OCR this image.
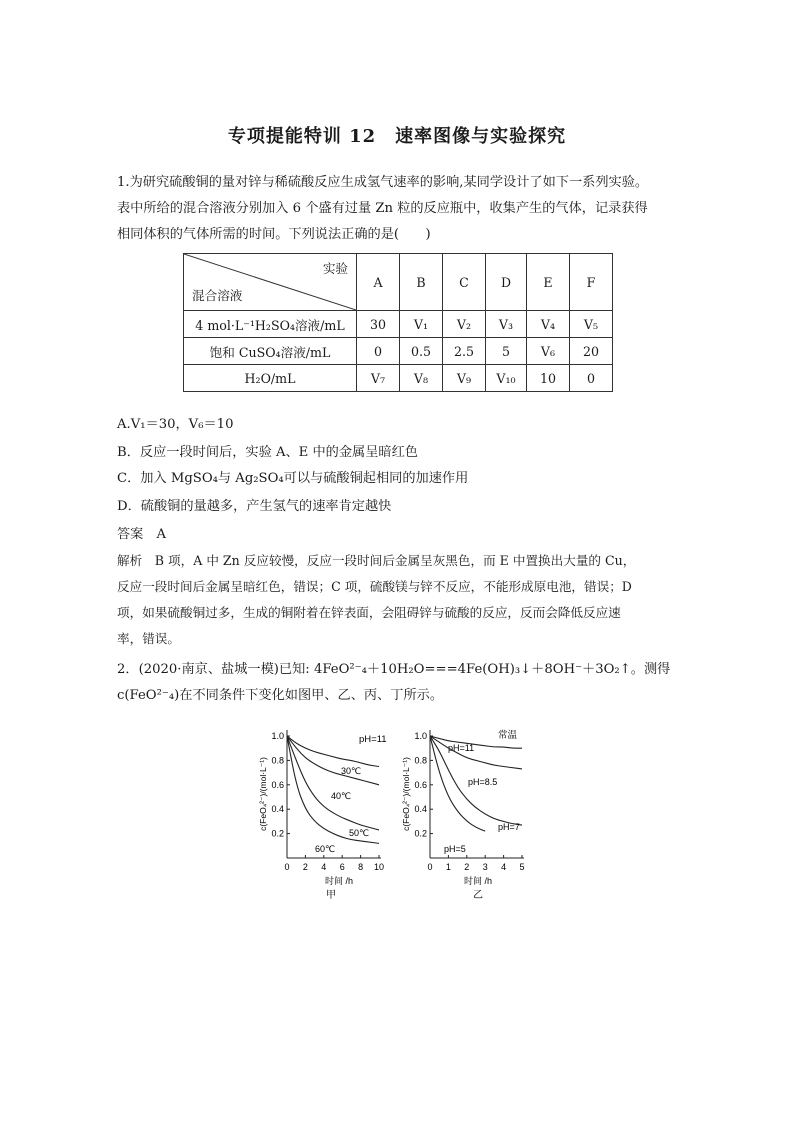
专项提能特训 12　速率图像与实验探究
1.为研究硫酸铜的量对锌与稀硫酸反应生成氢气速率的影响,某同学设计了如下一系列实验。
表中所给的混合溶液分别加入 6 个盛有过量 Zn 粒的反应瓶中，收集产生的气体，记录获得
相同体积的气体所需的时间。下列说法正确的是(　　)
实验
混合溶液	A	B	C	D	E	F
4 mol·L⁻¹H₂SO₄溶液/mL	30	V₁	V₂	V₃	V₄	V₅
饱和 CuSO₄溶液/mL	0	0.5	2.5	5	V₆	20
H₂O/mL	V₇	V₈	V₉	V₁₀	10	0
A.V₁＝30，V₆＝10
B．反应一段时间后，实验 A、E 中的金属呈暗红色
C．加入 MgSO₄与 Ag₂SO₄可以与硫酸铜起相同的加速作用
D．硫酸铜的量越多，产生氢气的速率肯定越快
答案　A
解析　B 项，A 中 Zn 反应较慢，反应一段时间后金属呈灰黑色，而 E 中置换出大量的 Cu，
反应一段时间后金属呈暗红色，错误；C 项，硫酸镁与锌不反应，不能形成原电池，错误；D
项，如果硫酸铜过多，生成的铜附着在锌表面，会阻碍锌与硫酸的反应，反而会降低反应速
率，错误。
2．(2020·南京、盐城一模)已知: 4FeO²⁻₄＋10H₂O===4Fe(OH)₃↓＋8OH⁻＋3O₂↑。测得
c(FeO²⁻₄)在不同条件下变化如图甲、乙、丙、丁所示。
pH=11
时间 /h
甲
c(FeO₄²⁻)/(mol·L⁻¹)
0 2 4 6 8 10
0.2
0.4
0.6
0.8
1.0
30℃
40℃
50℃
60℃
常温
时间 /h
乙
c(FeO₄²⁻)/(mol·L⁻¹)
0 1 2 3 4 5
0.2
0.4
0.6
0.8
1.0
pH=11
pH=8.5
pH=7
pH=5
